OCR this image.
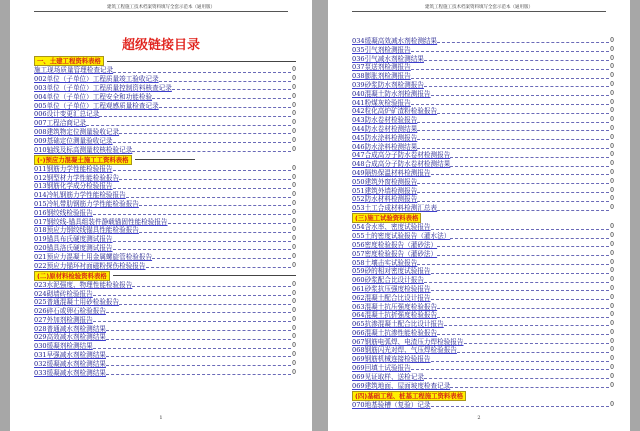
建筑工程施工技术档案资料填写全套示范本（通用版）
超级链接目录
一、土建工程资料表格
施工现场质量管理检查记录	0
002单位（子单位）工程质量竣工验收记录	0
003单位（子单位）工程质量控制资料核查记录	0
004单位（子单位）工程安全和功能检验	0
005单位（子单位）工程观感质量检查记录	0
006设计变更汇总记录	0
007工程洽商记录	0
008建筑物定位测量验收记录	0
009基础定位测量验收记录	0
010轴线及标高测量校核检验记录	0
(-)预应力混凝土施工工资料表格
011钢筋力学性能检验报告	0
012钢型材力学性能检验报告	0
013钢筋化学成分检验报告	0
014冷轧钢筋力学性能检验报告	0
015冷轧带肋钢筋力学性能检验报告	0
016钢绞线检验报告	0
017钢绞线-锚具组装件静载锚固性能检验报告	0
018预应力钢绞线锚具性能检验报告	0
019锚具布氏硬度测试报告	0
020锚具洛氏硬度测试报告	0
021预应力混凝土用金属螺旋管检验报告	0
022预应力锚环衬面磁粉探伤检验报告	0
(二)原材料检验资料表格
023水泥强度、物理性能检验报告	0
024砌墙砖检验报告	0
025普通混凝土用砂检验报告	0
026碎石或卵石检验报告	0
027外加剂检测报告	0
028普通减水剂检测结果	0
029高效减水剂检测结果	0
030缓凝剂检测结果	0
031早强减水剂检测结果	0
032缓凝减水剂检测结果	0
033缓凝减水剂检测结果	0
1
建筑工程施工技术档案资料填写全套示范本（通用版）
034缓凝高效减水剂检测结果	0
035引气剂检测报告	0
036引气减水剂检测结果	0
037泵送剂检测报告	0
038膨胀剂检测报告	0
039砂浆防水剂检测报告	0
040混凝土防水剂检测报告	0
041粉煤灰检验报告	0
042粒化高炉矿渣粉检验报告	0
043防水卷材检验报告	0
044防水卷材检测结果	0
045防水涂料检测报告	0
046防水涂料检测结果	0
047合成高分子防水卷材检测报告	0
048合成高分子防水卷材检测结果	0
049隔热保温材料检测报告	0
050建筑外窗检测报告	0
051建筑外墙检测报告	0
052防水材料检测报告	0
053土工合成材料检测汇总表	0
(三)施工试验资料表格
054含水率、密度试验报告	0
055土的密度试验报告（灌水法）	0
056密度检验报告（灌砂法）	0
057密度检验报告（灌砂法）	0
058土壤击实试验报告	0
059砂的相对密度试验报告	0
060砂浆配合比设计报告	0
061砂浆抗压强度检验报告	0
062混凝土配合比设计报告	0
063混凝土抗压强度检验报告	0
064混凝土抗折强度检验报告	0
065抗渗混凝土配合比设计报告	0
066混凝土抗渗性能检验报告	0
067钢筋电弧焊、电渣压力焊检验报告	0
068钢筋闪光对焊、气压焊检验报告	0
069钢筋机械连接检验报告	0
069回填土试验报告	0
069见证取样、送检记录	0
069建筑地面、屋面坡度检查记录	0
(四)基础工程、桩基工程施工资料表格
070地基验槽（复验）记录	0
2
